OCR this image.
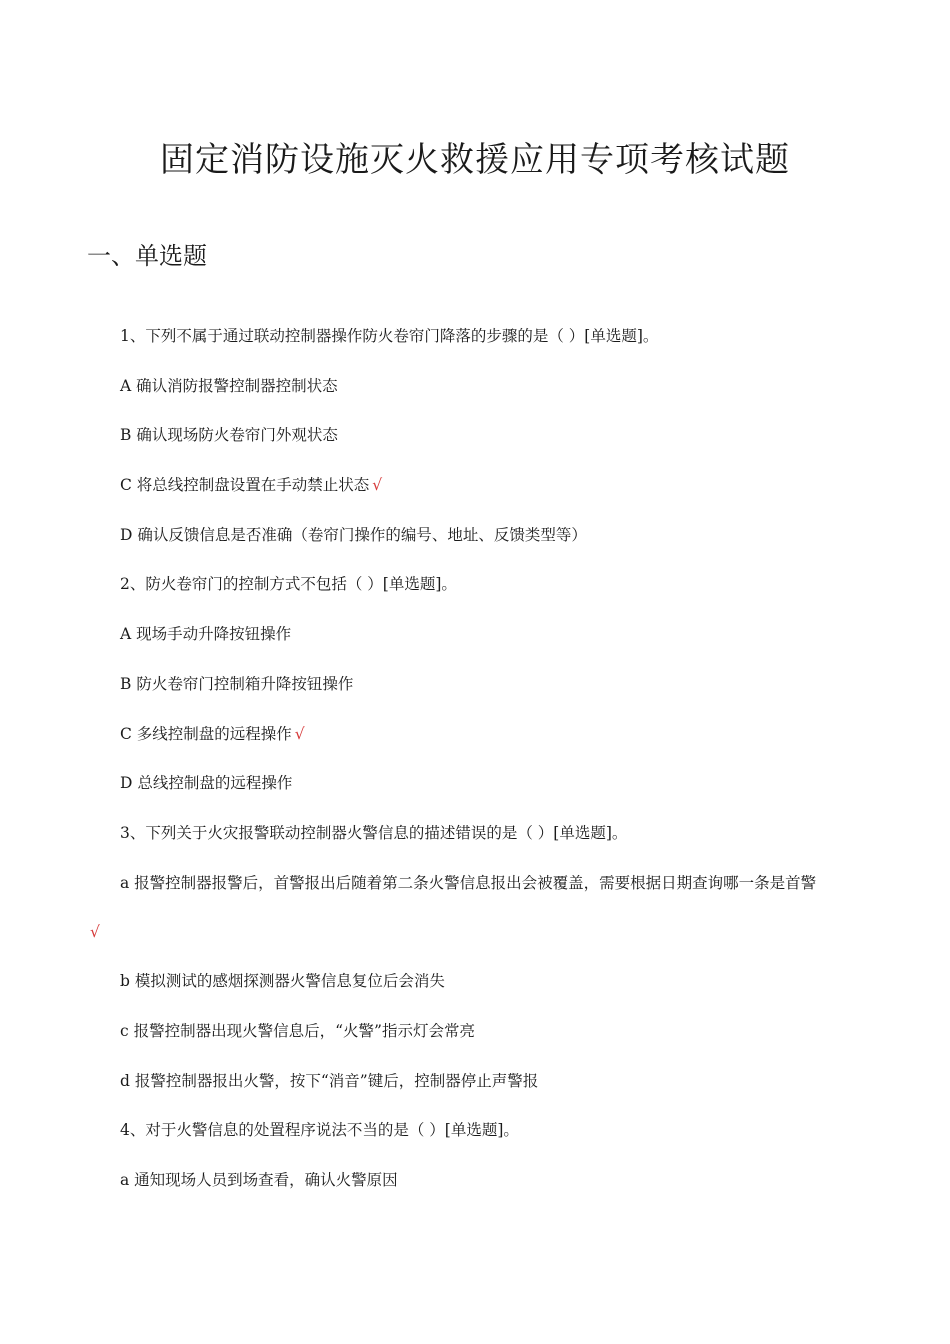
固定消防设施灭火救援应用专项考核试题
一、单选题

1、下列不属于通过联动控制器操作防火卷帘门降落的步骤的是（ ）[单选题]。

A 确认消防报警控制器控制状态

B 确认现场防火卷帘门外观状态

C 将总线控制盘设置在手动禁止状态 √

D 确认反馈信息是否准确（卷帘门操作的编号、地址、反馈类型等）

2、防火卷帘门的控制方式不包括（ ）[单选题]。

A 现场手动升降按钮操作

B 防火卷帘门控制箱升降按钮操作

C 多线控制盘的远程操作 √

D 总线控制盘的远程操作

3、下列关于火灾报警联动控制器火警信息的描述错误的是（ ）[单选题]。

a 报警控制器报警后，首警报出后随着第二条火警信息报出会被覆盖，需要根据日期查询哪一条是首警
√

b 模拟测试的感烟探测器火警信息复位后会消失

c 报警控制器出现火警信息后，“火警”指示灯会常亮

d 报警控制器报出火警，按下“消音”键后，控制器停止声警报

4、对于火警信息的处置程序说法不当的是（ ）[单选题]。

a 通知现场人员到场查看，确认火警原因
